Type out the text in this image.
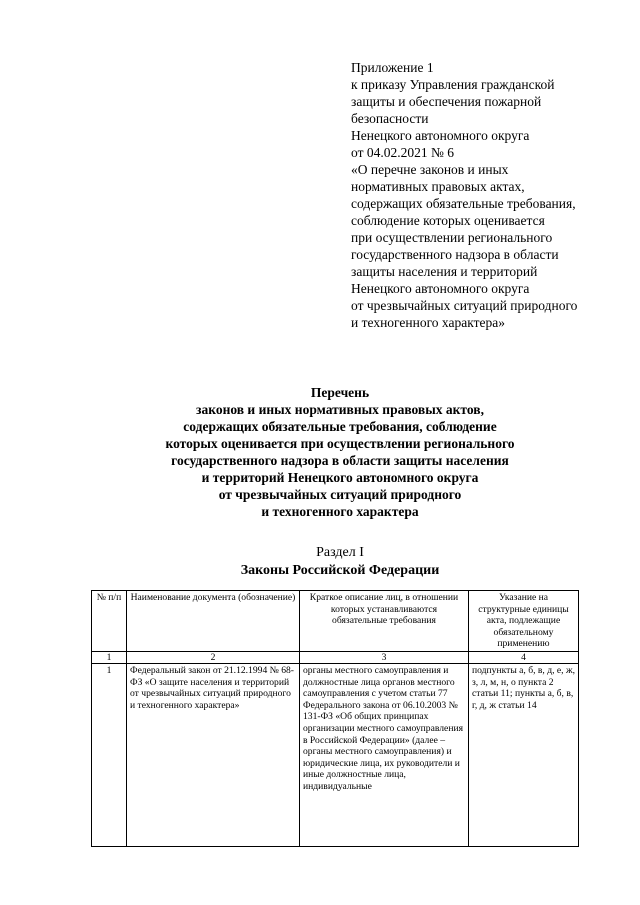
Приложение 1
к приказу Управления гражданской
защиты и обеспечения пожарной
безопасности
Ненецкого автономного округа
от 04.02.2021 № 6
«О перечне законов и иных
нормативных правовых актах,
содержащих обязательные требования,
соблюдение которых оценивается
при осуществлении регионального
государственного надзора в области
защиты населения и территорий
Ненецкого автономного округа
от чрезвычайных ситуаций природного
и техногенного характера»
Перечень
законов и иных нормативных правовых актов,
содержащих обязательные требования, соблюдение
которых оценивается при осуществлении регионального
государственного надзора в области защиты населения
и территорий Ненецкого автономного округа
от чрезвычайных ситуаций природного
и техногенного характера
Раздел I
Законы Российской Федерации
№ п/п	Наименование документа (обозначение)	Краткое описание лиц, в отношении которых устанавливаются обязательные требования	Указание на структурные единицы акта, подлежащие обязательному применению
1	2	3	4
1	Федеральный закон от 21.12.1994 № 68-ФЗ «О защите населения и территорий от чрезвычайных ситуаций природного и техногенного характера»	органы местного самоуправления и должностные лица органов местного самоуправления с учетом статьи 77 Федерального закона от 06.10.2003 № 131-ФЗ «Об общих принципах организации местного самоуправления в Российской Федерации» (далее – органы местного самоуправления) и юридические лица, их руководители и иные должностные лица, индивидуальные	подпункты а, б, в, д, е, ж, з, л, м, н, о пункта 2 статьи 11; пункты а, б, в, г, д, ж статьи 14
